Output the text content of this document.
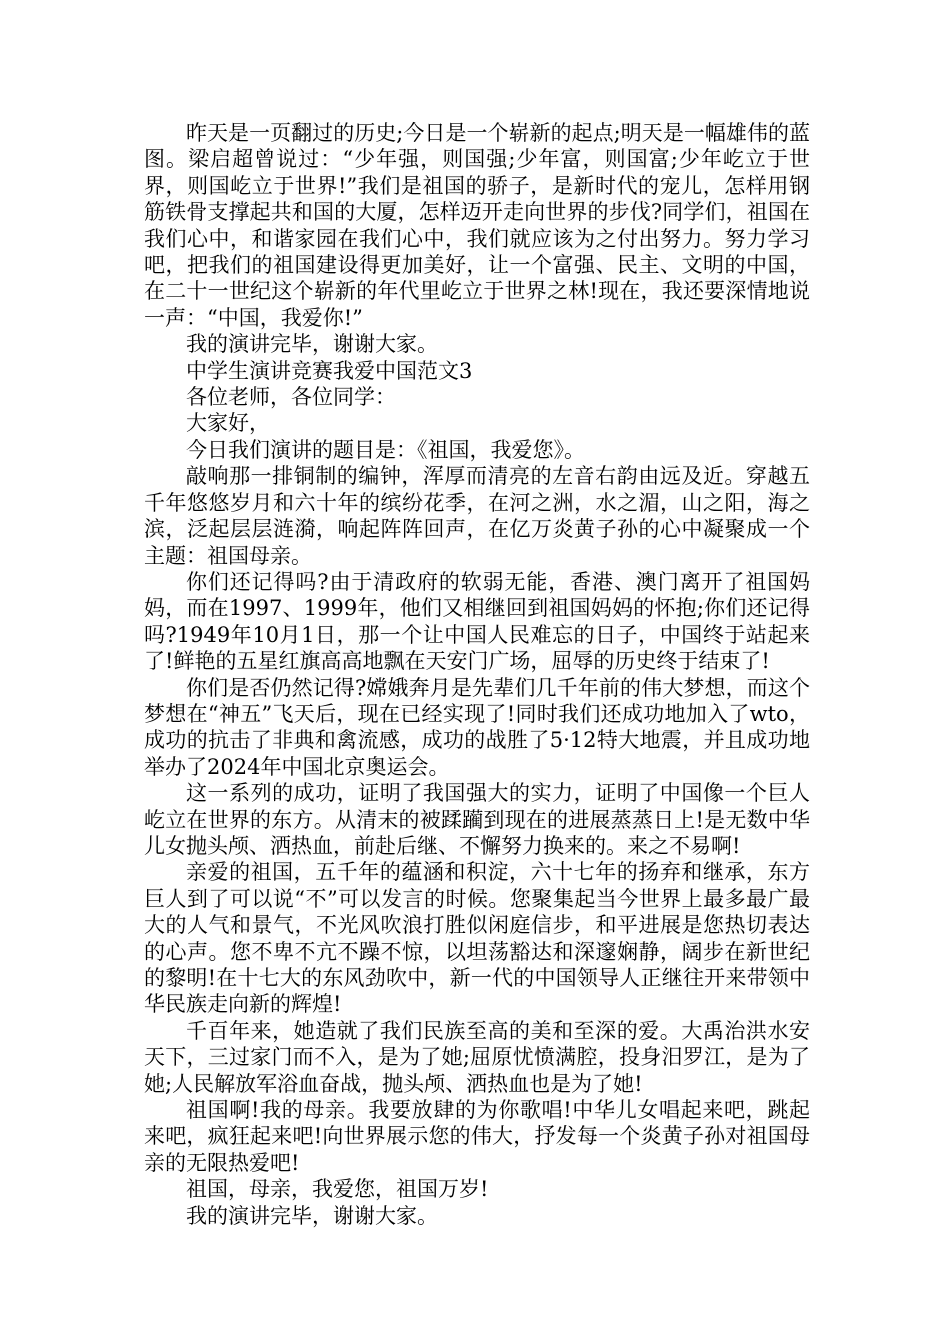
昨天是一页翻过的历史;今日是一个崭新的起点;明天是一幅雄伟的蓝图。梁启超曾说过：“少年强，则国强;少年富，则国富;少年屹立于世界，则国屹立于世界!”我们是祖国的骄子，是新时代的宠儿，怎样用钢筋铁骨支撑起共和国的大厦，怎样迈开走向世界的步伐?同学们，祖国在我们心中，和谐家园在我们心中，我们就应该为之付出努力。努力学习吧，把我们的祖国建设得更加美好，让一个富强、民主、文明的中国，在二十一世纪这个崭新的年代里屹立于世界之林!现在，我还要深情地说一声：“中国，我爱你!”

我的演讲完毕，谢谢大家。

中学生演讲竞赛我爱中国范文3

各位老师，各位同学：

大家好，

今日我们演讲的题目是：《祖国，我爱您》。

敲响那一排铜制的编钟，浑厚而清亮的左音右韵由远及近。穿越五千年悠悠岁月和六十年的缤纷花季，在河之洲，水之湄，山之阳，海之滨，泛起层层涟漪，响起阵阵回声，在亿万炎黄子孙的心中凝聚成一个主题：祖国母亲。

你们还记得吗?由于清政府的软弱无能，香港、澳门离开了祖国妈妈，而在1997、1999年，他们又相继回到祖国妈妈的怀抱;你们还记得吗?1949年10月1日，那一个让中国人民难忘的日子，中国终于站起来了!鲜艳的五星红旗高高地飘在天安门广场，屈辱的历史终于结束了!

你们是否仍然记得?嫦娥奔月是先辈们几千年前的伟大梦想，而这个梦想在“神五”飞天后，现在已经实现了!同时我们还成功地加入了wto，成功的抗击了非典和禽流感，成功的战胜了5·12特大地震，并且成功地举办了2024年中国北京奥运会。

这一系列的成功，证明了我国强大的实力，证明了中国像一个巨人屹立在世界的东方。从清末的被蹂躏到现在的进展蒸蒸日上!是无数中华儿女抛头颅、洒热血，前赴后继、不懈努力换来的。来之不易啊!

亲爱的祖国，五千年的蕴涵和积淀，六十七年的扬弃和继承，东方巨人到了可以说“不”可以发言的时候。您聚集起当今世界上最多最广最大的人气和景气，不光风吹浪打胜似闲庭信步，和平进展是您热切表达的心声。您不卑不亢不躁不惊，以坦荡豁达和深邃娴静，阔步在新世纪的黎明!在十七大的东风劲吹中，新一代的中国领导人正继往开来带领中华民族走向新的辉煌!

千百年来，她造就了我们民族至高的美和至深的爱。大禹治洪水安天下，三过家门而不入，是为了她;屈原忧愤满腔，投身汨罗江，是为了她;人民解放军浴血奋战，抛头颅、洒热血也是为了她!

祖国啊!我的母亲。我要放肆的为你歌唱!中华儿女唱起来吧，跳起来吧，疯狂起来吧!向世界展示您的伟大，抒发每一个炎黄子孙对祖国母亲的无限热爱吧!

祖国，母亲，我爱您，祖国万岁!

我的演讲完毕，谢谢大家。
